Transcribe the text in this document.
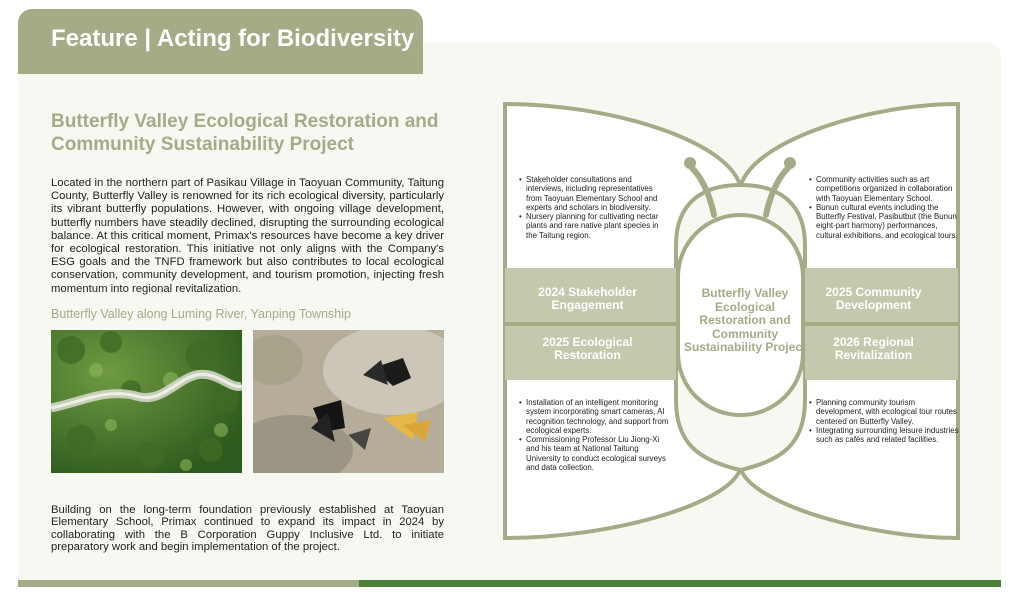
Feature | Acting for Biodiversity
Butterfly Valley Ecological Restoration and Community Sustainability Project

Located in the northern part of Pasikau Village in Taoyuan Community, Taitung County, Butterfly Valley is renowned for its rich ecological diversity, particularly its vibrant butterfly populations. However, with ongoing village development, butterfly numbers have steadily declined, disrupting the surrounding ecological balance. At this critical moment, Primax's resources have become a key driver for ecological restoration. This initiative not only aligns with the Company's ESG goals and the TNFD framework but also contributes to local ecological conservation, community development, and tourism promotion, injecting fresh momentum into regional revitalization.

Butterfly Valley along Luming River, Yanping Township

Building on the long-term foundation previously established at Taoyuan Elementary School, Primax continued to expand its impact in 2024 by collaborating with the B Corporation Guppy Inclusive Ltd. to initiate preparatory work and begin implementation of the project.

• Stakeholder consultations and interviews, including representatives from Taoyuan Elementary School and experts and scholars in biodiversity.
• Nursery planning for cultivating nectar plants and rare native plant species in the Taitung region.
• Community activities such as art competitions organized in collaboration with Taoyuan Elementary School.
• Bunun cultural events including the Butterfly Festival, Pasibutbut (the Bunun eight-part harmony) performances, cultural exhibitions, and ecological tours.
• Installation of an intelligent monitoring system incorporating smart cameras, AI recognition technology, and support from ecological experts.
• Commissioning Professor Liu Jiong-Xi and his team at National Taitung University to conduct ecological surveys and data collection.
• Planning community tourism development, with ecological tour routes centered on Butterfly Valley.
• Integrating surrounding leisure industries such as cafés and related facilities.

2024 Stakeholder Engagement

2025 Community Development

2025 Ecological Restoration

2026 Regional Revitalization

Butterfly Valley Ecological Restoration and Community Sustainability Project
